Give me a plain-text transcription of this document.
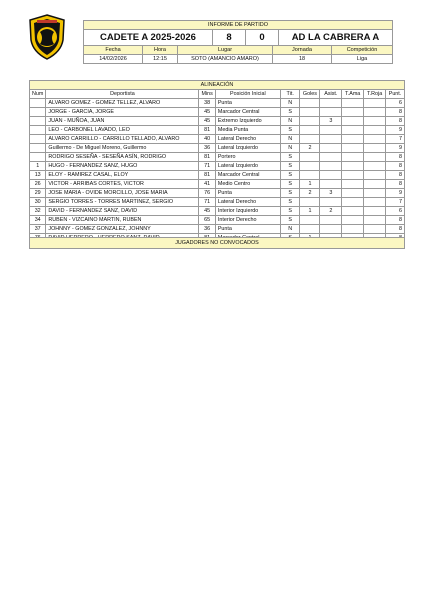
INFORME DE PARTIDO
CADETE A 2025-2026	8	0	AD LA CABRERA A
Fecha	Hora	Lugar	Jornada	Competición
14/02/2026	12:15	SOTO (AMANCIO AMARO)	18	Liga
ALINEACIÓN									
Num	Deportista	Mins	Posición Inicial	Tit.	Goles	Asist.	T.Ama	T.Roja	Punt.
	ALVARO GOMEZ - GOMEZ TELLEZ, ALVARO	38	Punta	N					6
	JORGE - GARCIA, JORGE	45	Marcador Central	S					8
	JUAN - MUÑOA, JUAN	45	Extremo Izquierdo	N		3			8
	LEO - CARBONEL LAVADO, LEO	81	Media Punta	S					9
	ALVARO CARRILLO - CARRILLO TELLADO, ALVARO	40	Lateral Derecho	N					7
	Guillermo - De Miguel Moreno, Guillermo	36	Lateral Izquierdo	N	2				9
	RODRIGO SESEÑA - SESEÑA ASÍN, RODRIGO	81	Portero	S					8
1	HUGO - FERNANDEZ SANZ, HUGO	71	Lateral Izquierdo	S					8
13	ELOY - RAMIREZ CASAL, ELOY	81	Marcador Central	S					8
26	VICTOR - ARRIBAS CORTES, VICTOR	41	Medio Centro	S	1				8
29	JOSE MARIA - OVIDE MORCILLO, JOSE MARIA	76	Punta	S	2	3			9
30	SERGIO TORRES - TORRES MARTINEZ, SERGIO	71	Lateral Derecho	S					7
32	DAVID - FERNANDEZ SANZ, DAVID	45	Interior Izquierdo	S	1	2			6
34	RUBEN - VIZCAINO MARTIN, RUBEN	65	Interior Derecho	S					8
37	JOHNNY - GOMEZ GONZALEZ, JOHNNY	36	Punta	N					8

JUGADORES NO CONVOCADOS
